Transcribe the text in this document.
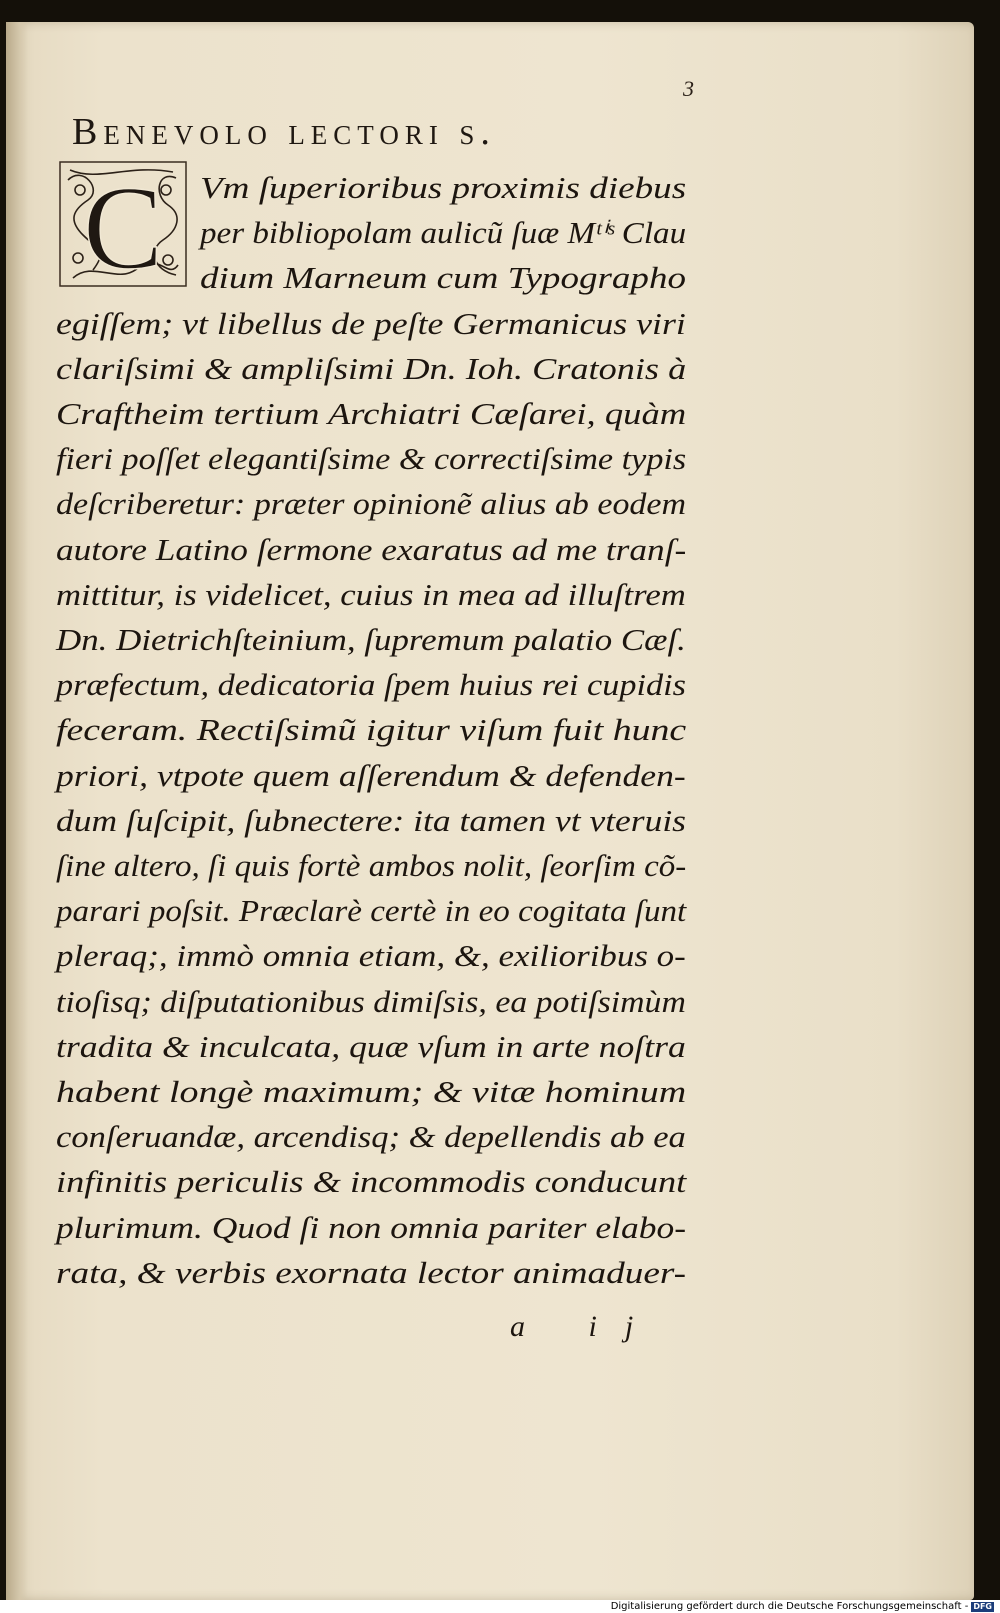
3
Benevolo lectori s.
C Vm ſuperioribus proximis diebus
per bibliopolam aulicũ ſuæ Mᵗⁱˢ Clau
dium Marneum cum Typographo
egiſſem; vt libellus de peſte Germanicus viri
clariſsimi & ampliſsimi Dn. Ioh. Cratonis à
Craftheim tertium Archiatri Cæſarei, quàm
fieri poſſet elegantiſsime & correctiſsime typis
deſcriberetur: præter opinionẽ alius ab eodem
autore Latino ſermone exaratus ad me tranſ-
mittitur, is videlicet, cuius in mea ad illuſtrem
Dn. Dietrichſteinium, ſupremum palatio Cæſ.
præfectum, dedicatoria ſpem huius rei cupidis
feceram. Rectiſsimũ igitur viſum fuit hunc
priori, vtpote quem aſſerendum & defenden-
dum ſuſcipit, ſubnectere: ita tamen vt vteruis
ſine altero, ſi quis fortè ambos nolit, ſeorſim cõ-
parari poſsit. Præclarè certè in eo cogitata ſunt
pleraq;, immò omnia etiam, &, exilioribus o-
tioſisq; diſputationibus dimiſsis, ea potiſsimùm
tradita & inculcata, quæ vſum in arte noſtra
habent longè maximum; & vitæ hominum
conſeruandæ, arcendisq; & depellendis ab ea
infinitis periculis & incommodis conducunt
plurimum. Quod ſi non omnia pariter elabo-
rata, & verbis exornata lector animaduer-
a ij
Digitalisierung gefördert durch die Deutsche Forschungsgemeinschaft - DFG
